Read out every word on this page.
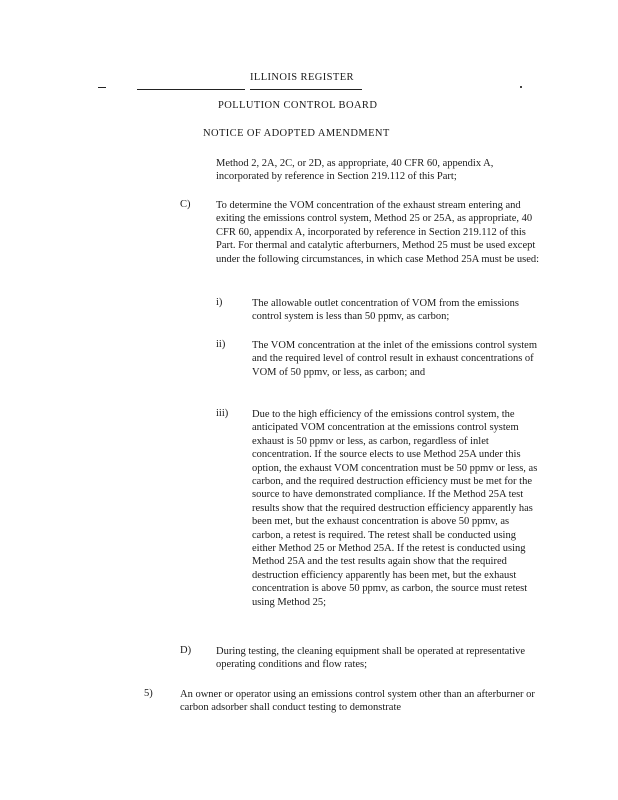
ILLINOIS REGISTER
POLLUTION CONTROL BOARD
NOTICE OF ADOPTED AMENDMENT

Method 2, 2A, 2C, or 2D, as appropriate, 40 CFR 60, appendix A, incorporated by reference in Section 219.112 of this Part;

C) To determine the VOM concentration of the exhaust stream entering and exiting the emissions control system, Method 25 or 25A, as appropriate, 40 CFR 60, appendix A, incorporated by reference in Section 219.112 of this Part. For thermal and catalytic afterburners, Method 25 must be used except under the following circumstances, in which case Method 25A must be used:

i)	The allowable outlet concentration of VOM from the emissions control system is less than 50 ppmv, as carbon;

ii)	The VOM concentration at the inlet of the emissions control system and the required level of control result in exhaust concentrations of VOM of 50 ppmv, or less, as carbon; and

iii) Due to the high efficiency of the emissions control system, the anticipated VOM concentration at the emissions control system exhaust is 50 ppmv or less, as carbon, regardless of inlet concentration. If the source elects to use Method 25A under this option, the exhaust VOM concentration must be 50 ppmv or less, as carbon, and the required destruction efficiency must be met for the source to have demonstrated compliance. If the Method 25A test results show that the required destruction efficiency apparently has been met, but the exhaust concentration is above 50 ppmv, as carbon, a retest is required. The retest shall be conducted using either Method 25 or Method 25A. If the retest is conducted using Method 25A and the test results again show that the required destruction efficiency apparently has been met, but the exhaust concentration is above 50 ppmv, as carbon, the source must retest using Method 25;

D) During testing, the cleaning equipment shall be operated at representative operating conditions and flow rates;

5)	An owner or operator using an emissions control system other than an afterburner or carbon adsorber shall conduct testing to demonstrate
